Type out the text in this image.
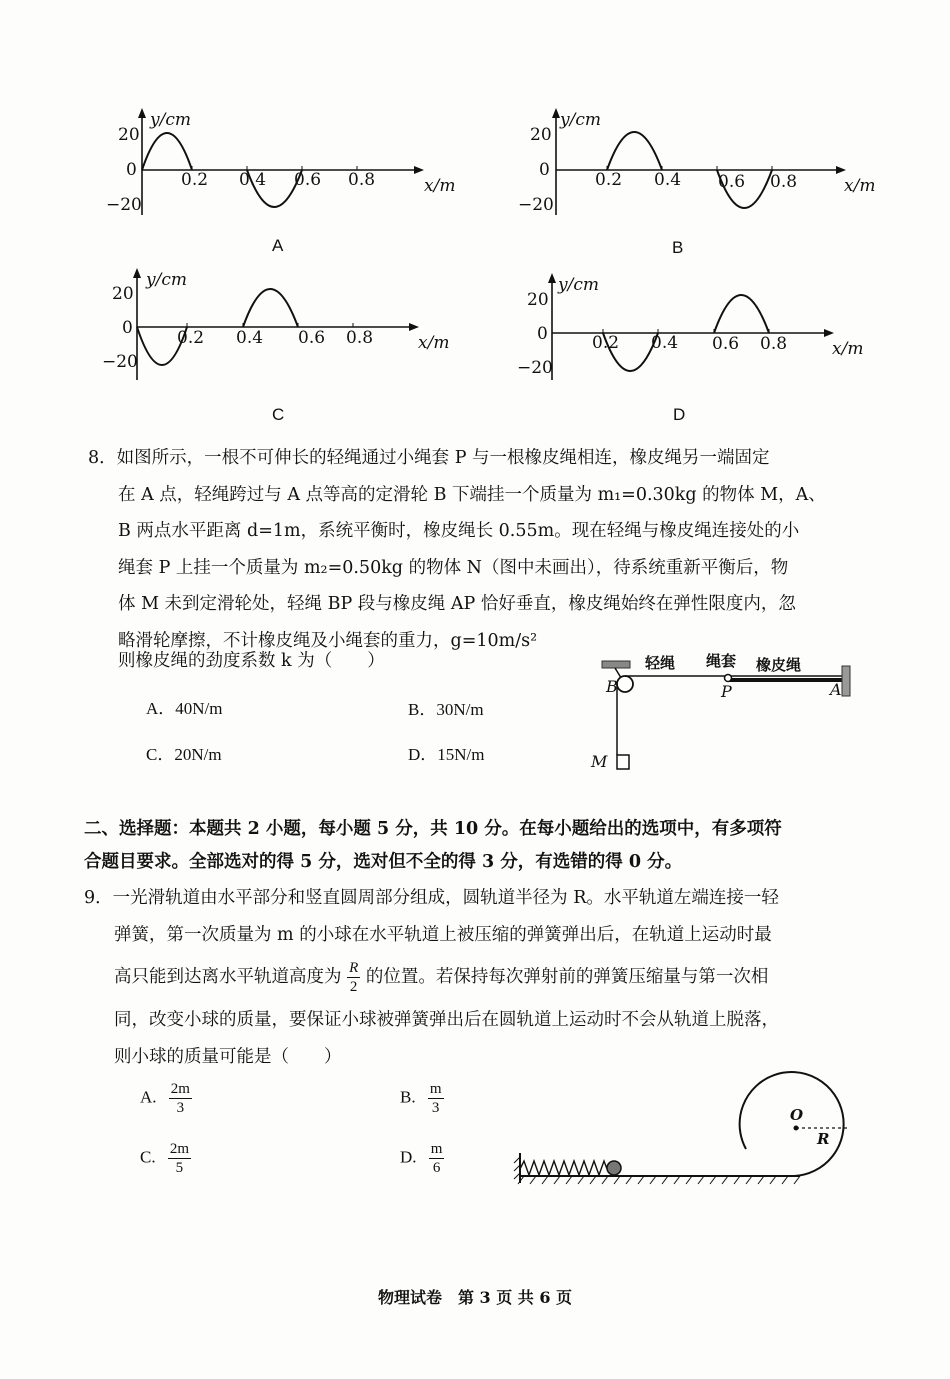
y/cm
20
0
−20
0.2 0.4 0.6 0.8	x/m
A
y/cm
20
0
−20
0.2 0.4 0.6 0.8	x/m
B
y/cm
20
0
−20
0.2 0.4 0.6 0.8	x/m
C
y/cm
20
0
−20
0.2 0.4 0.6 0.8	x/m
D
8．如图所示，一根不可伸长的轻绳通过小绳套 P 与一根橡皮绳相连，橡皮绳另一端固定
在 A 点，轻绳跨过与 A 点等高的定滑轮 B 下端挂一个质量为 m₁=0.30kg 的物体 M，A、
B 两点水平距离 d=1m，系统平衡时，橡皮绳长 0.55m。现在轻绳与橡皮绳连接处的小
绳套 P 上挂一个质量为 m₂=0.50kg 的物体 N（图中未画出），待系统重新平衡后，物
体 M 未到定滑轮处，轻绳 BP 段与橡皮绳 AP 恰好垂直，橡皮绳始终在弹性限度内，忽
略滑轮摩擦，不计橡皮绳及小绳套的重力，g=10m/s²
则橡皮绳的劲度系数 k 为（　　）
A．40N/m	B．30N/m
C．20N/m	D．15N/m
轻绳 绳套 橡皮绳
B	P	A
M
二、选择题：本题共 2 小题，每小题 5 分，共 10 分。在每小题给出的选项中，有多项符
合题目要求。全部选对的得 5 分，选对但不全的得 3 分，有选错的得 0 分。
9．一光滑轨道由水平部分和竖直圆周部分组成，圆轨道半径为 R。水平轨道左端连接一轻
弹簧，第一次质量为 m 的小球在水平轨道上被压缩的弹簧弹出后，在轨道上运动时最
高只能到达离水平轨道高度为 $\frac{R}{2}$ 的位置。若保持每次弹射前的弹簧压缩量与第一次相
同，改变小球的质量，要保证小球被弹簧弹出后在圆轨道上运动时不会从轨道上脱落，
则小球的质量可能是（　　）
A. $\frac{2m}{3}$	B. $\frac{m}{3}$
C. $\frac{2m}{5}$	D. $\frac{m}{6}$
O
R
物理试卷　第 3 页 共 6 页
